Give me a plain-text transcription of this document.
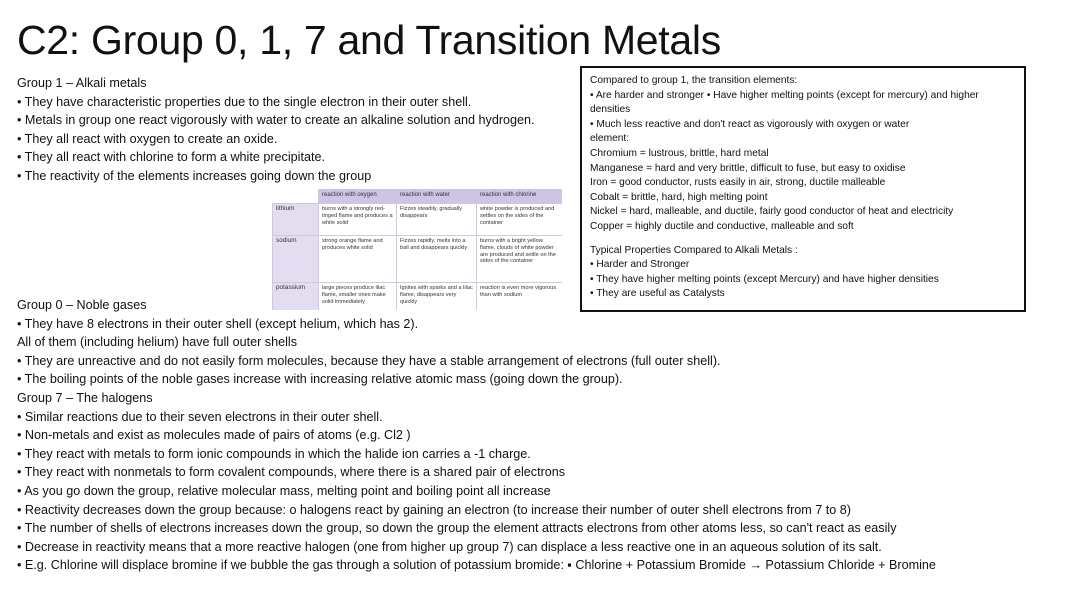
C2: Group 0, 1, 7 and Transition Metals
Group 1 – Alkali metals
• They have characteristic properties due to the single electron in their outer shell.
• Metals in group one react vigorously with water to create an alkaline solution and hydrogen.
• They all react with oxygen to create an oxide.
• They all react with chlorine to form a white precipitate.
• The reactivity of the elements increases going down the group
	reaction with oxygen	reaction with water	reaction with chlorine
lithium	burns with a strongly red-tinged flame and produces a white solid	Fizzes steadily, gradually disappears	white powder is produced and settles on the sides of the container
sodium	strong orange flame and produces white solid	Fizzes rapidly, melts into a ball and disappears quickly	burns with a bright yellow flame, clouds of white powder are produced and settle on the sides of the container
potassium	large pieces produce lilac flame, smaller ones make solid immediately	Ignites with sparks and a lilac flame, disappears very quickly	reaction is even more vigorous than with sodium
Compared to group 1, the transition elements:
• Are harder and stronger • Have higher melting points (except for mercury) and higher densities
• Much less reactive and don't react as vigorously with oxygen or water
element:
Chromium = lustrous, brittle, hard metal
Manganese = hard and very brittle, difficult to fuse, but easy to oxidise
Iron = good conductor, rusts easily in air, strong, ductile malleable
Cobalt = brittle, hard, high melting point
Nickel = hard, malleable, and ductile, fairly good conductor of heat and electricity
Copper = highly ductile and conductive, malleable and soft
Typical Properties Compared to Alkali Metals :
• Harder and Stronger
• They have higher melting points (except Mercury) and have higher densities
• They are useful as Catalysts
Group 0 – Noble gases
• They have 8 electrons in their outer shell (except helium, which has 2).
All of them (including helium) have full outer shells
• They are unreactive and do not easily form molecules, because they have a stable arrangement of electrons (full outer shell).
• The boiling points of the noble gases increase with increasing relative atomic mass (going down the group).
Group 7 – The halogens
• Similar reactions due to their seven electrons in their outer shell.
• Non-metals and exist as molecules made of pairs of atoms (e.g. Cl2 )
• They react with metals to form ionic compounds in which the halide ion carries a -1 charge.
• They react with nonmetals to form covalent compounds, where there is a shared pair of electrons
• As you go down the group, relative molecular mass, melting point and boiling point all increase
• Reactivity decreases down the group because: o halogens react by gaining an electron (to increase their number of outer shell electrons from 7 to 8)
• The number of shells of electrons increases down the group, so down the group the element attracts electrons from other atoms less, so can't react as easily
• Decrease in reactivity means that a more reactive halogen (one from higher up group 7) can displace a less reactive one in an aqueous solution of its salt.
• E.g. Chlorine will displace bromine if we bubble the gas through a solution of potassium bromide: ▪ Chlorine + Potassium Bromide → Potassium Chloride + Bromine
